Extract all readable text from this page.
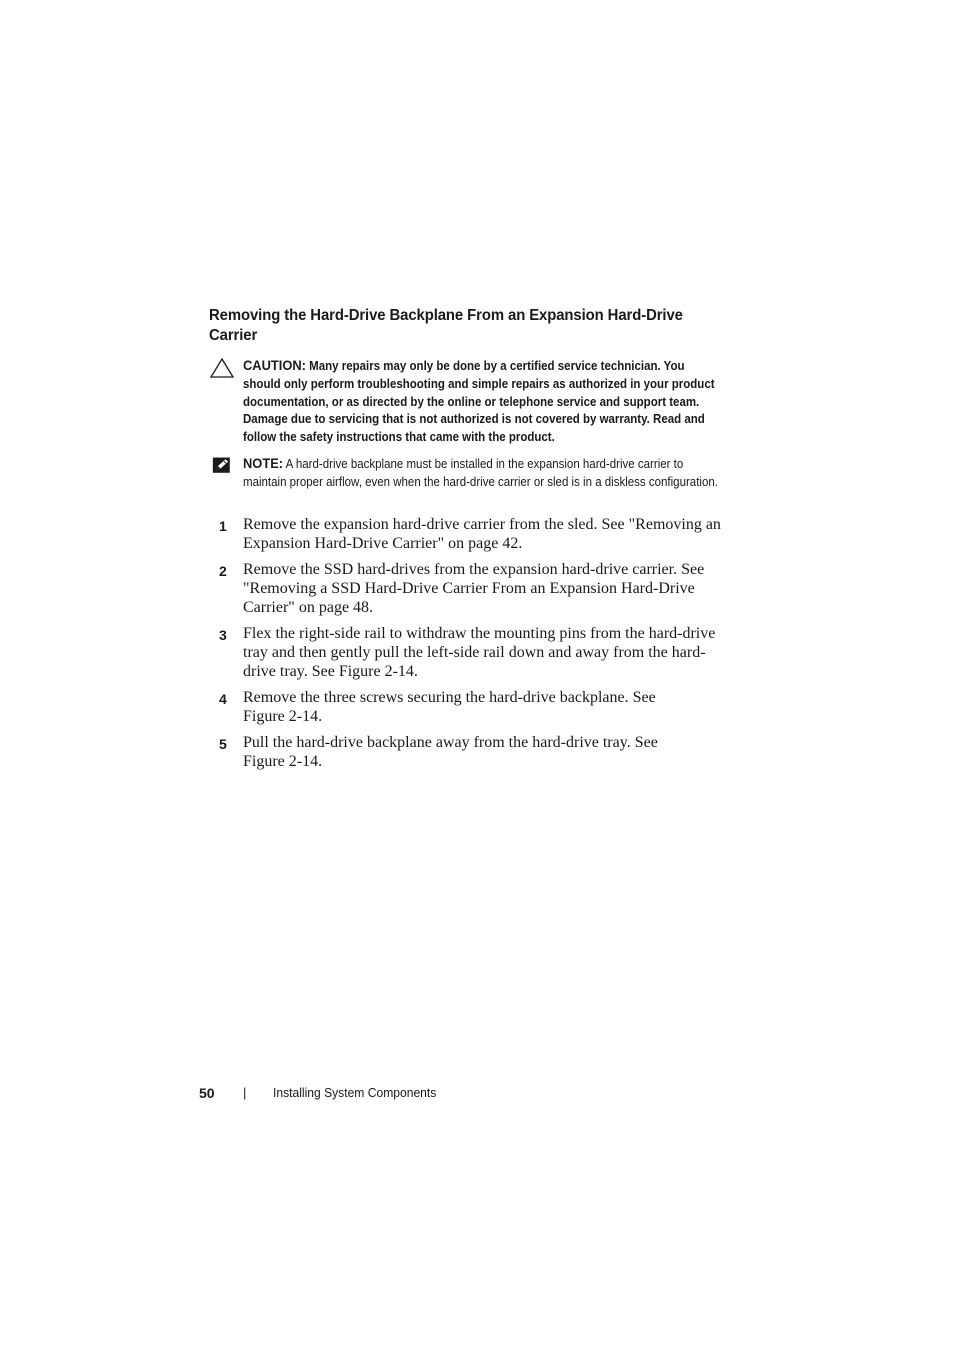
Removing the Hard-Drive Backplane From an Expansion Hard-Drive Carrier
CAUTION: Many repairs may only be done by a certified service technician. You should only perform troubleshooting and simple repairs as authorized in your product documentation, or as directed by the online or telephone service and support team. Damage due to servicing that is not authorized is not covered by warranty. Read and follow the safety instructions that came with the product.
NOTE: A hard-drive backplane must be installed in the expansion hard-drive carrier to maintain proper airflow, even when the hard-drive carrier or sled is in a diskless configuration.
1 Remove the expansion hard-drive carrier from the sled. See "Removing an Expansion Hard-Drive Carrier" on page 42.
2 Remove the SSD hard-drives from the expansion hard-drive carrier. See "Removing a SSD Hard-Drive Carrier From an Expansion Hard-Drive Carrier" on page 48.
3 Flex the right-side rail to withdraw the mounting pins from the hard-drive tray and then gently pull the left-side rail down and away from the hard-drive tray. See Figure 2-14.
4 Remove the three screws securing the hard-drive backplane. See Figure 2-14.
5 Pull the hard-drive backplane away from the hard-drive tray. See Figure 2-14.
50 | Installing System Components
